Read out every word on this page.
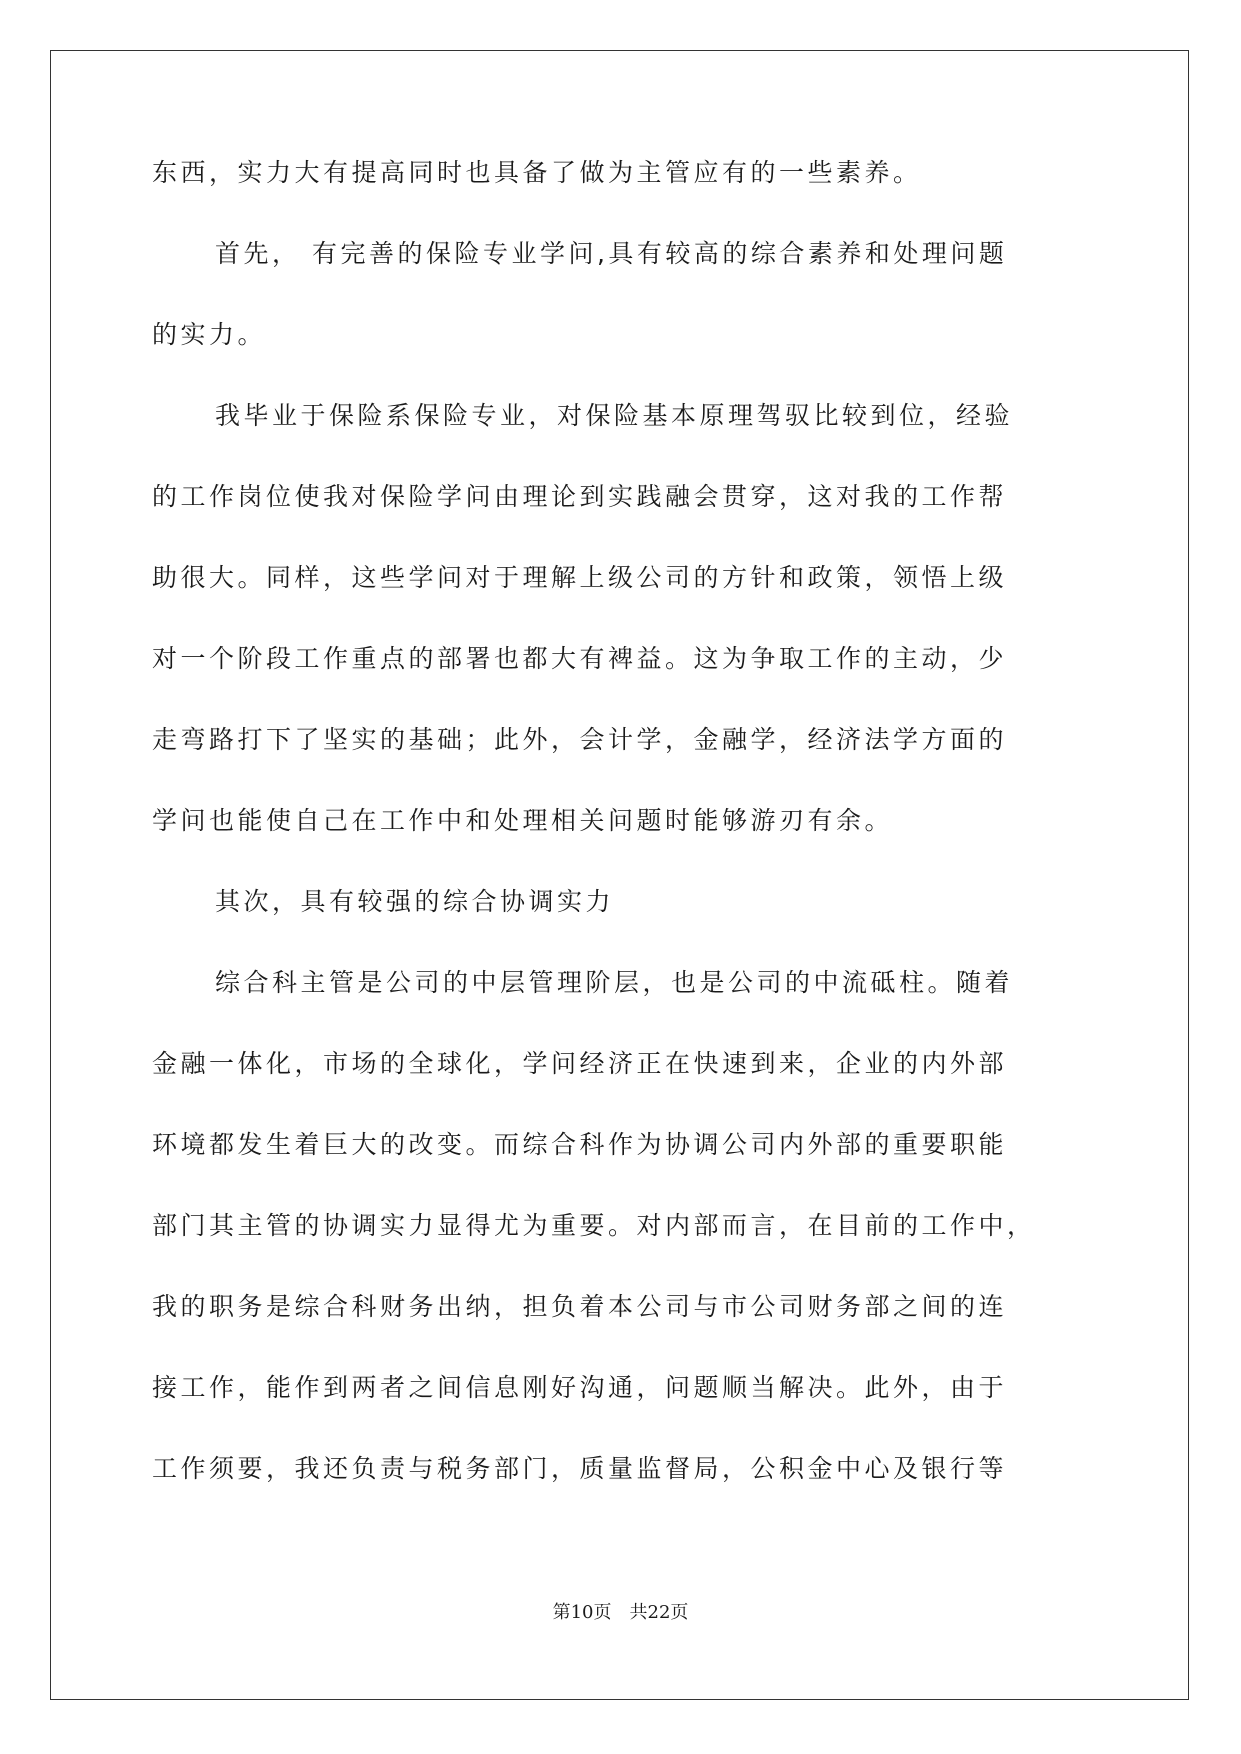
东西，实力大有提高同时也具备了做为主管应有的一些素养。
首先， 有完善的保险专业学问,具有较高的综合素养和处理问题
的实力。
我毕业于保险系保险专业，对保险基本原理驾驭比较到位，经验
的工作岗位使我对保险学问由理论到实践融会贯穿，这对我的工作帮
助很大。同样，这些学问对于理解上级公司的方针和政策，领悟上级
对一个阶段工作重点的部署也都大有裨益。这为争取工作的主动，少
走弯路打下了坚实的基础；此外，会计学，金融学，经济法学方面的
学问也能使自己在工作中和处理相关问题时能够游刃有余。
其次，具有较强的综合协调实力
综合科主管是公司的中层管理阶层，也是公司的中流砥柱。随着
金融一体化，市场的全球化，学问经济正在快速到来，企业的内外部
环境都发生着巨大的改变。而综合科作为协调公司内外部的重要职能
部门其主管的协调实力显得尤为重要。对内部而言，在目前的工作中，
我的职务是综合科财务出纳，担负着本公司与市公司财务部之间的连
接工作，能作到两者之间信息刚好沟通，问题顺当解决。此外，由于
工作须要，我还负责与税务部门，质量监督局，公积金中心及银行等
第10页 共22页
